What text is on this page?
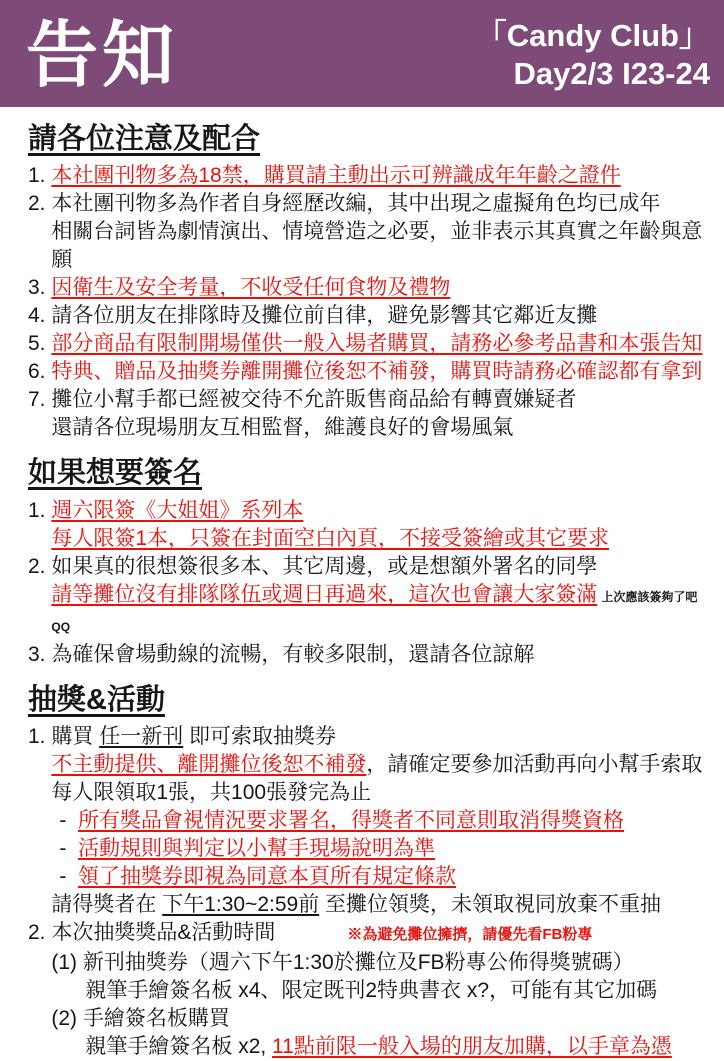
告知	「Candy Club」
Day2/3 I23-24
請各位注意及配合
1. 本社團刊物多為18禁，購買請主動出示可辨識成年年齡之證件
2. 本社團刊物多為作者自身經歷改編，其中出現之虛擬角色均已成年
相關台詞皆為劇情演出、情境營造之必要，並非表示其真實之年齡與意願
3. 因衛生及安全考量，不收受任何食物及禮物
4. 請各位朋友在排隊時及攤位前自律，避免影響其它鄰近友攤
5. 部分商品有限制開場僅供一般入場者購買，請務必參考品書和本張告知
6. 特典、贈品及抽獎券離開攤位後恕不補發，購買時請務必確認都有拿到
7. 攤位小幫手都已經被交待不允許販售商品給有轉賣嫌疑者
還請各位現場朋友互相監督，維護良好的會場風氣
如果想要簽名
1. 週六限簽《大姐姐》系列本
每人限簽1本，只簽在封面空白內頁，不接受簽繪或其它要求
2. 如果真的很想簽很多本、其它周邊，或是想額外署名的同學
請等攤位沒有排隊隊伍或週日再過來，這次也會讓大家簽滿 上次應該簽夠了吧QQ
3. 為確保會場動線的流暢，有較多限制，還請各位諒解
抽獎&活動
1. 購買 任一新刊 即可索取抽獎券
不主動提供、離開攤位後恕不補發，請確定要參加活動再向小幫手索取
每人限領取1張，共100張發完為止
-  所有獎品會視情況要求署名，得獎者不同意則取消得獎資格
-  活動規則與判定以小幫手現場說明為準
-  領了抽獎券即視為同意本頁所有規定條款
請得獎者在 下午1:30~2:59前 至攤位領獎，未領取視同放棄不重抽
2. 本次抽獎獎品&活動時間	※為避免攤位擁擠，請優先看FB粉專
(1) 新刊抽獎券（週六下午1:30於攤位及FB粉專公佈得獎號碼）
親筆手繪簽名板 x4、限定既刊2特典書衣 x?，可能有其它加碼
(2) 手繪簽名板購買
親筆手繪簽名板 x2, 11點前限一般入場的朋友加購，以手章為憑
